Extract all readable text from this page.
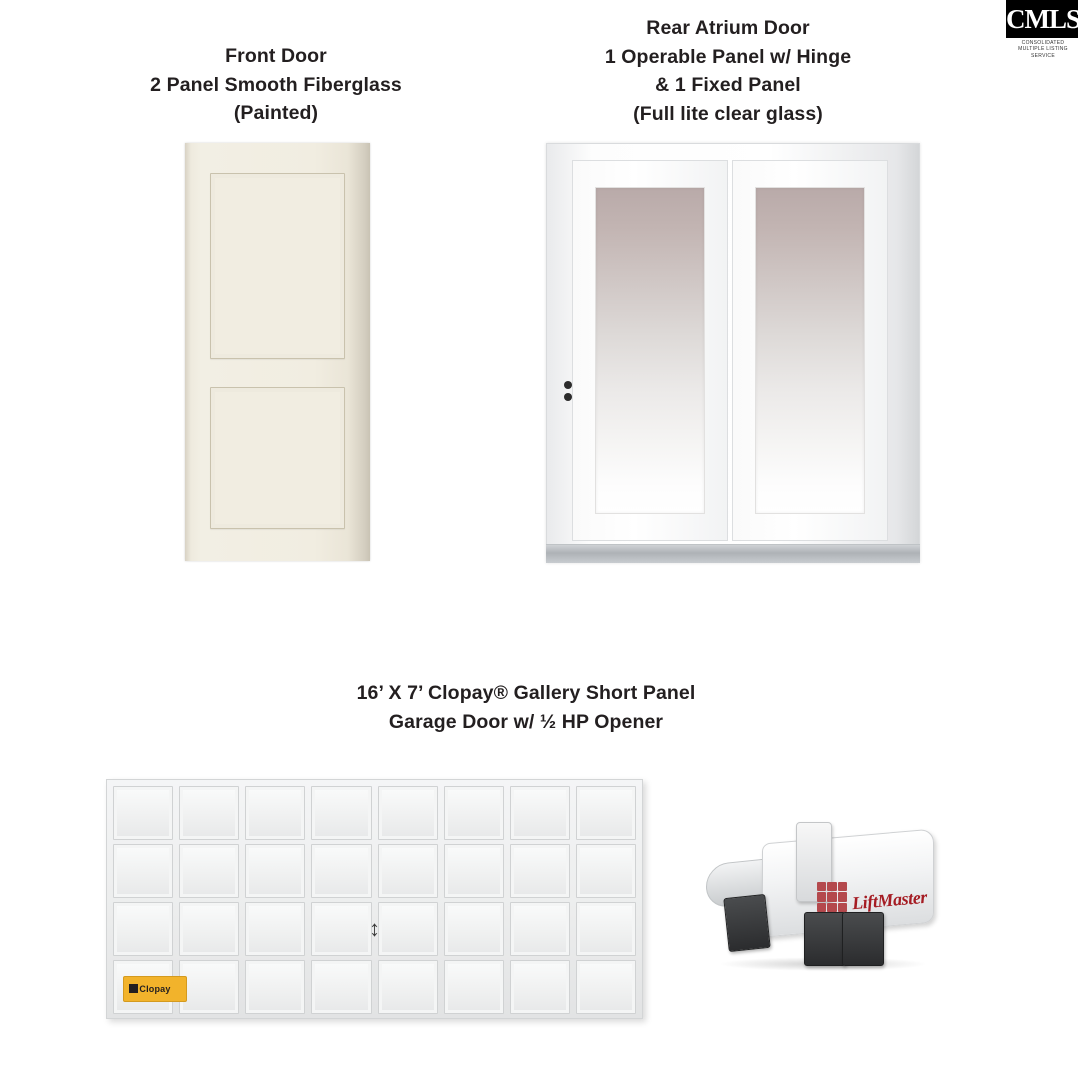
CMLS
CONSOLIDATED
MULTIPLE LISTING SERVICE
Front Door
2 Panel Smooth Fiberglass
(Painted)
Rear Atrium Door
1 Operable Panel w/ Hinge
& 1 Fixed Panel
(Full lite clear glass)
16’ X 7’ Clopay® Gallery Short Panel
Garage Door w/ ½ HP Opener
↕
Clopay
LiftMaster
